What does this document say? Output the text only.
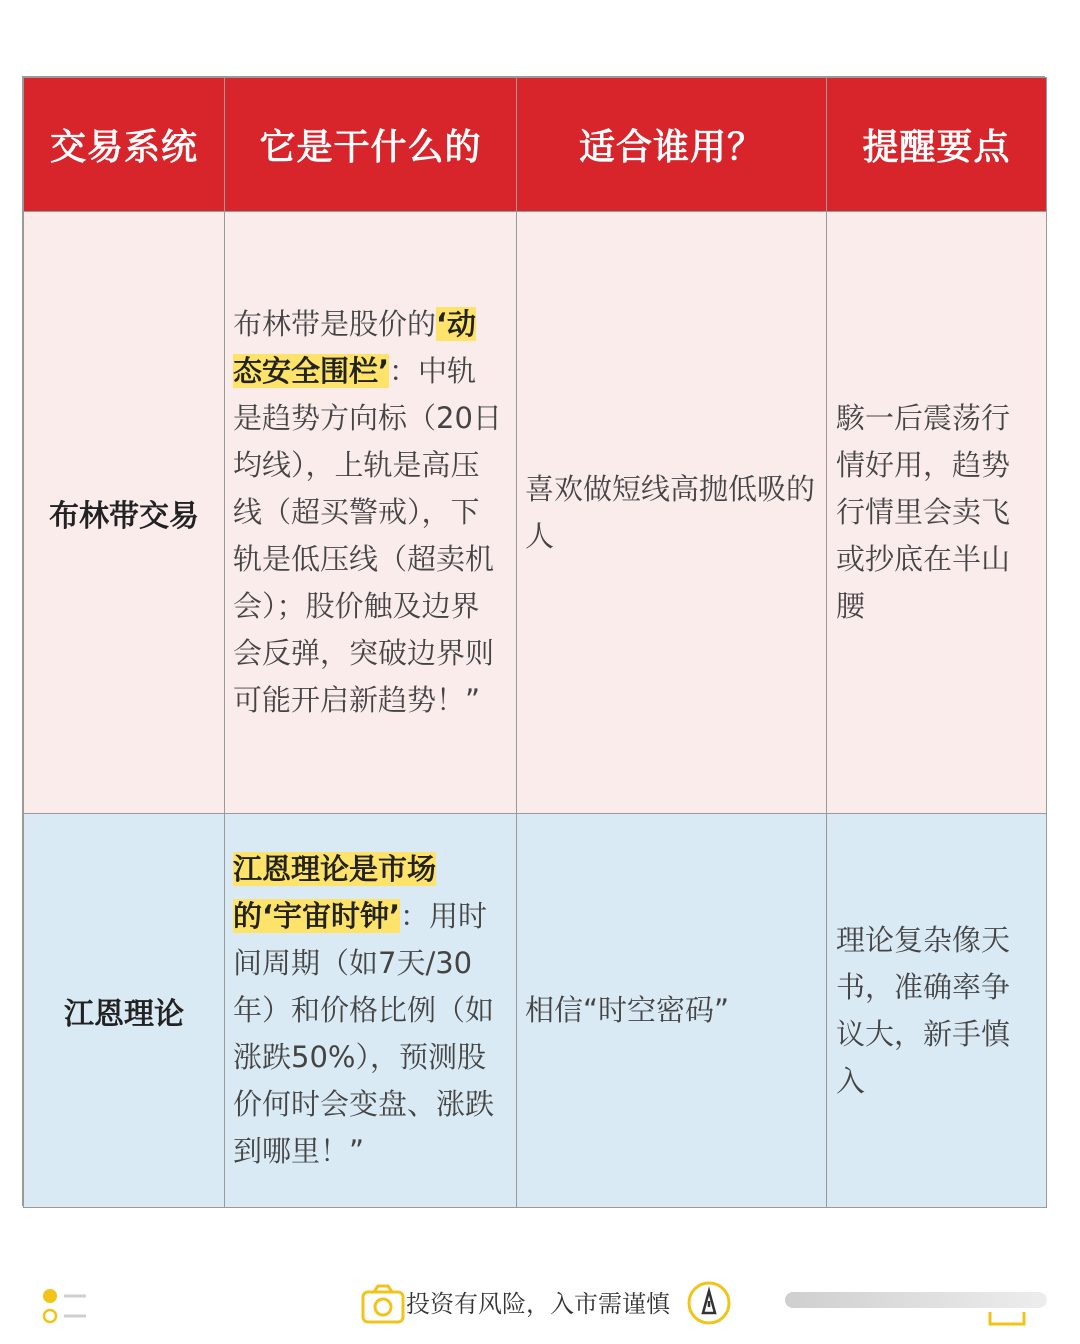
交易系统	它是干什么的	适合谁用？	提醒要点
布林带交易	布林带是股价的‘动态安全围栏’：中轨是趋势方向标（20日均线），上轨是高压线（超买警戒），下轨是低压线（超卖机会）；股价触及边界会反弹，突破边界则可能开启新趋势！”	喜欢做短线高抛低吸的人	駭一后震荡行情好用，趋势行情里会卖飞或抄底在半山腰
江恩理论	江恩理论是市场的‘宇宙时钟’：用时间周期（如7天/30年）和价格比例（如涨跌50%），预测股价何时会变盘、涨跌到哪里！”	相信“时空密码”	理论复杂像天书，准确率争议大，新手慎入
投资有风险，入市需谨慎
